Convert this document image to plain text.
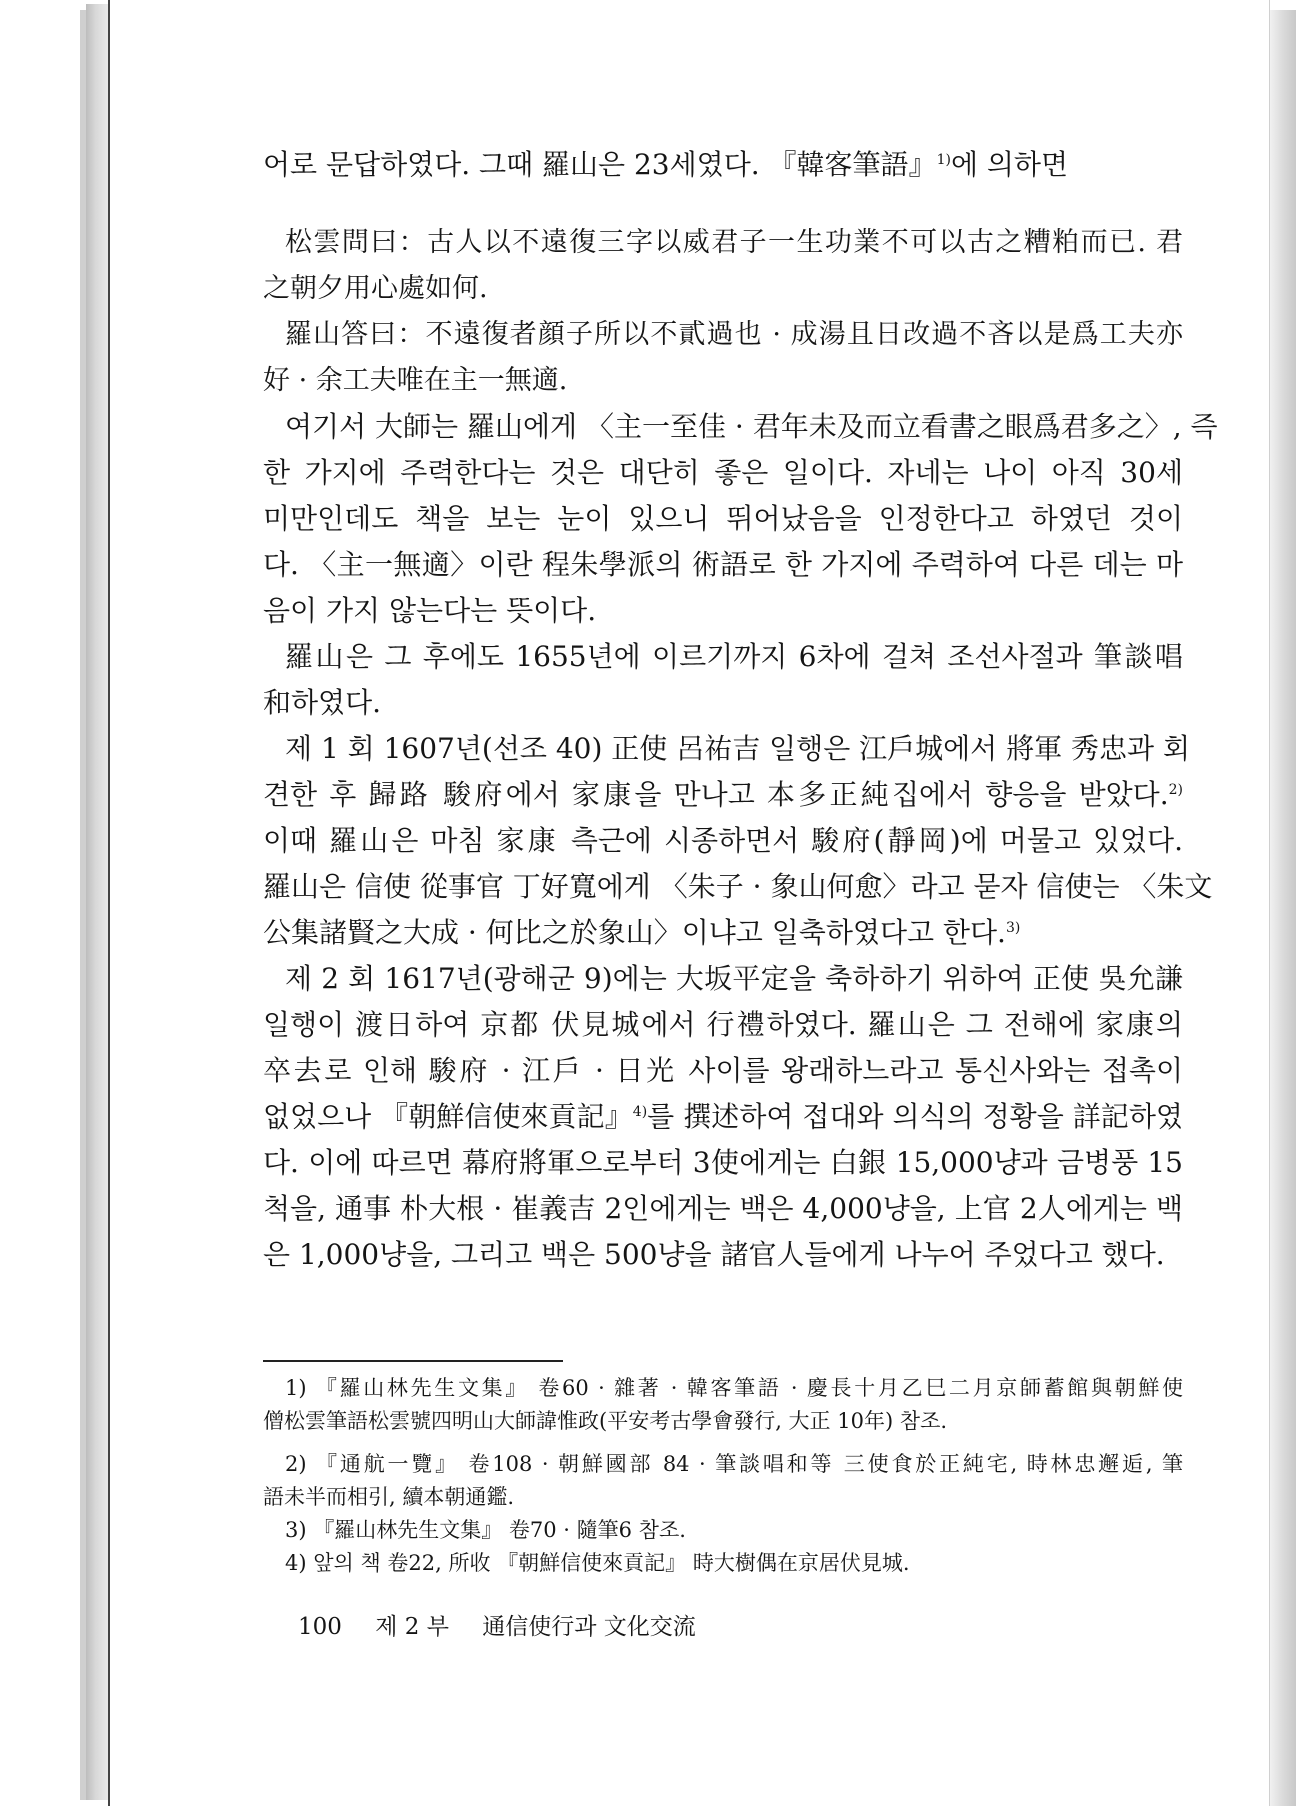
어로 문답하였다. 그때 羅山은 23세였다. 『韓客筆語』$^{1)}$에 의하면
松雲問曰：古人以不遠復三字以威君子一生功業不可以古之糟粕而已. 君
之朝夕用心處如何.
羅山答曰：不遠復者顔子所以不貳過也 · 成湯且日改過不吝以是爲工夫亦
好 · 余工夫唯在主一無適.
여기서 大師는 羅山에게 〈主一至佳 · 君年未及而立看書之眼爲君多之〉, 즉
한 가지에 주력한다는 것은 대단히 좋은 일이다. 자네는 나이 아직 30세
미만인데도 책을 보는 눈이 있으니 뛰어났음을 인정한다고 하였던 것이
다. 〈主一無適〉이란 程朱學派의 術語로 한 가지에 주력하여 다른 데는 마
음이 가지 않는다는 뜻이다.
羅山은 그 후에도 1655년에 이르기까지 6차에 걸쳐 조선사절과 筆談唱
和하였다.
제 1 회 1607년(선조 40) 正使 呂祐吉 일행은 江戶城에서 將軍 秀忠과 회
견한 후 歸路 駿府에서 家康을 만나고 本多正純집에서 향응을 받았다.$^{2)}$
이때 羅山은 마침 家康 측근에 시종하면서 駿府(靜岡)에 머물고 있었다.
羅山은 信使 從事官 丁好寬에게 〈朱子 · 象山何愈〉라고 묻자 信使는 〈朱文
公集諸賢之大成 · 何比之於象山〉이냐고 일축하였다고 한다.$^{3)}$
제 2 회 1617년(광해군 9)에는 大坂平定을 축하하기 위하여 正使 吳允謙
일행이 渡日하여 京都 伏見城에서 行禮하였다. 羅山은 그 전해에 家康의
卒去로 인해 駿府 · 江戶 · 日光 사이를 왕래하느라고 통신사와는 접촉이
없었으나 『朝鮮信使來貢記』$^{4)}$를 撰述하여 접대와 의식의 정황을 詳記하였
다. 이에 따르면 幕府將軍으로부터 3使에게는 白銀 15,000냥과 금병풍 15
척을, 通事 朴大根 · 崔義吉 2인에게는 백은 4,000냥을, 上官 2人에게는 백
은 1,000냥을, 그리고 백은 500냥을 諸官人들에게 나누어 주었다고 했다.
1) 『羅山林先生文集』 卷60 · 雜著 · 韓客筆語 · 慶長十月乙巳二月京師蓄館與朝鮮使
僧松雲筆語松雲號四明山大師諱惟政(平安考古學會發行, 大正 10年) 참조.
2) 『通航一覽』 卷108 · 朝鮮國部 84 · 筆談唱和等 三使食於正純宅, 時林忠邂逅, 筆
語未半而相引, 續本朝通鑑.
3) 『羅山林先生文集』 卷70 · 隨筆6 참조.
4) 앞의 책 卷22, 所收 『朝鮮信使來貢記』 時大樹偶在京居伏見城.
100 제 2 부 通信使行과 文化交流
